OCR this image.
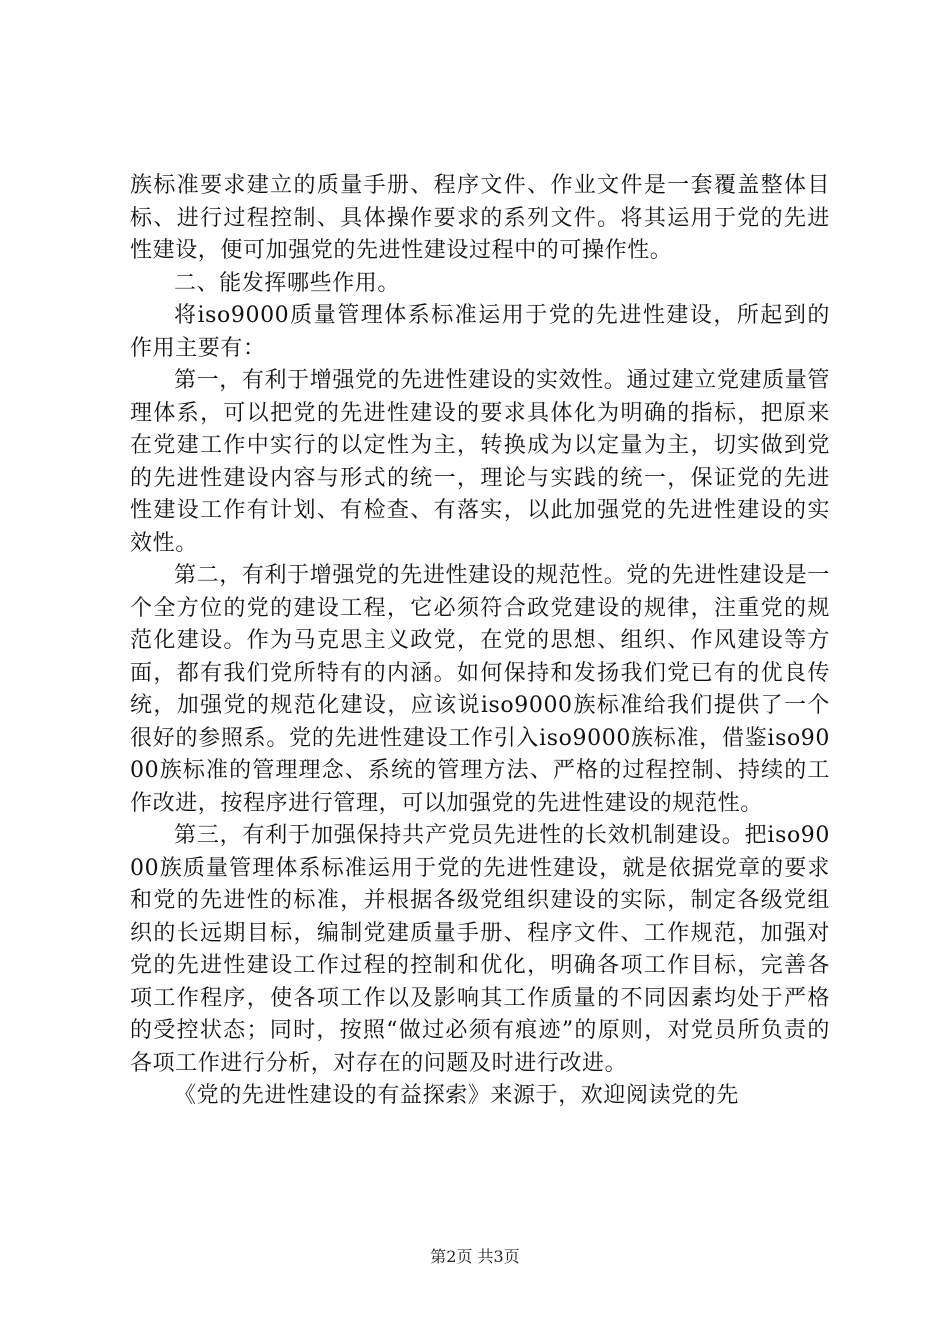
族标准要求建立的质量手册、程序文件、作业文件是一套覆盖整体目标、进行过程控制、具体操作要求的系列文件。将其运用于党的先进性建设，便可加强党的先进性建设过程中的可操作性。

二、能发挥哪些作用。

将iso9000质量管理体系标准运用于党的先进性建设，所起到的作用主要有：

第一，有利于增强党的先进性建设的实效性。通过建立党建质量管理体系，可以把党的先进性建设的要求具体化为明确的指标，把原来在党建工作中实行的以定性为主，转换成为以定量为主，切实做到党的先进性建设内容与形式的统一，理论与实践的统一，保证党的先进性建设工作有计划、有检查、有落实，以此加强党的先进性建设的实效性。

第二，有利于增强党的先进性建设的规范性。党的先进性建设是一个全方位的党的建设工程，它必须符合政党建设的规律，注重党的规范化建设。作为马克思主义政党，在党的思想、组织、作风建设等方面，都有我们党所特有的内涵。如何保持和发扬我们党已有的优良传统，加强党的规范化建设，应该说iso9000族标准给我们提供了一个很好的参照系。党的先进性建设工作引入iso9000族标准，借鉴iso9000族标准的管理理念、系统的管理方法、严格的过程控制、持续的工作改进，按程序进行管理，可以加强党的先进性建设的规范性。

第三，有利于加强保持共产党员先进性的长效机制建设。把iso9000族质量管理体系标准运用于党的先进性建设，就是依据党章的要求和党的先进性的标准，并根据各级党组织建设的实际，制定各级党组织的长远期目标，编制党建质量手册、程序文件、工作规范，加强对党的先进性建设工作过程的控制和优化，明确各项工作目标，完善各项工作程序，使各项工作以及影响其工作质量的不同因素均处于严格的受控状态；同时，按照“做过必须有痕迹”的原则，对党员所负责的各项工作进行分析，对存在的问题及时进行改进。

《党的先进性建设的有益探索》来源于，欢迎阅读党的先

第2页 共3页
